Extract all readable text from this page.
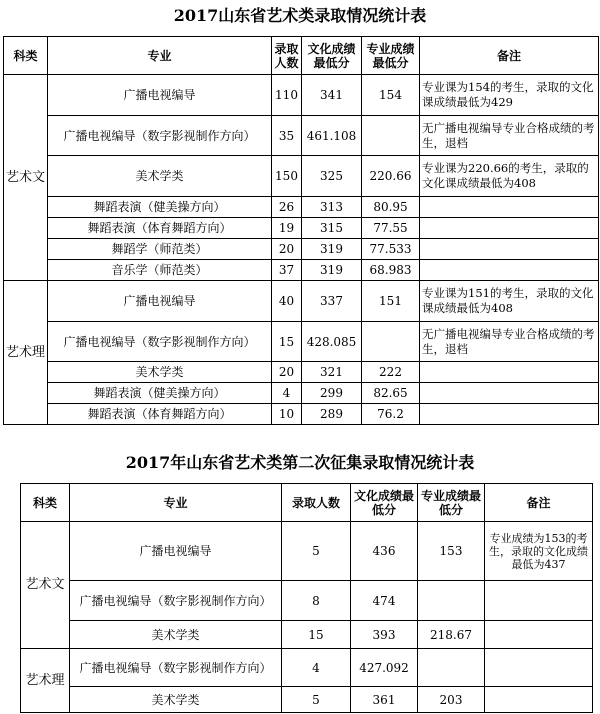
2017山东省艺术类录取情况统计表
科类	专业	录取人数	文化成绩最低分	专业成绩最低分	备注
艺术文	广播电视编导	110	341	154	专业课为154的考生，录取的文化课成绩最低为429
	广播电视编导（数字影视制作方向）	35	461.108		无广播电视编导专业合格成绩的考生，退档
	美术学类	150	325	220.66	专业课为220.66的考生，录取的文化课成绩最低为408
	舞蹈表演（健美操方向）	26	313	80.95	
	舞蹈表演（体育舞蹈方向）	19	315	77.55	
	舞蹈学（师范类）	20	319	77.533	
	音乐学（师范类）	37	319	68.983	
艺术理	广播电视编导	40	337	151	专业课为151的考生，录取的文化课成绩最低为408
	广播电视编导（数字影视制作方向）	15	428.085		无广播电视编导专业合格成绩的考生，退档
	美术学类	20	321	222	
	舞蹈表演（健美操方向）	4	299	82.65	
	舞蹈表演（体育舞蹈方向）	10	289	76.2	
2017年山东省艺术类第二次征集录取情况统计表
科类	专业	录取人数	文化成绩最低分	专业成绩最低分	备注
艺术文	广播电视编导	5	436	153	专业成绩为153的考生，录取的文化成绩最低为437
	广播电视编导（数字影视制作方向）	8	474		
	美术学类	15	393	218.67	
艺术理	广播电视编导（数字影视制作方向）	4	427.092		
	美术学类	5	361	203	
